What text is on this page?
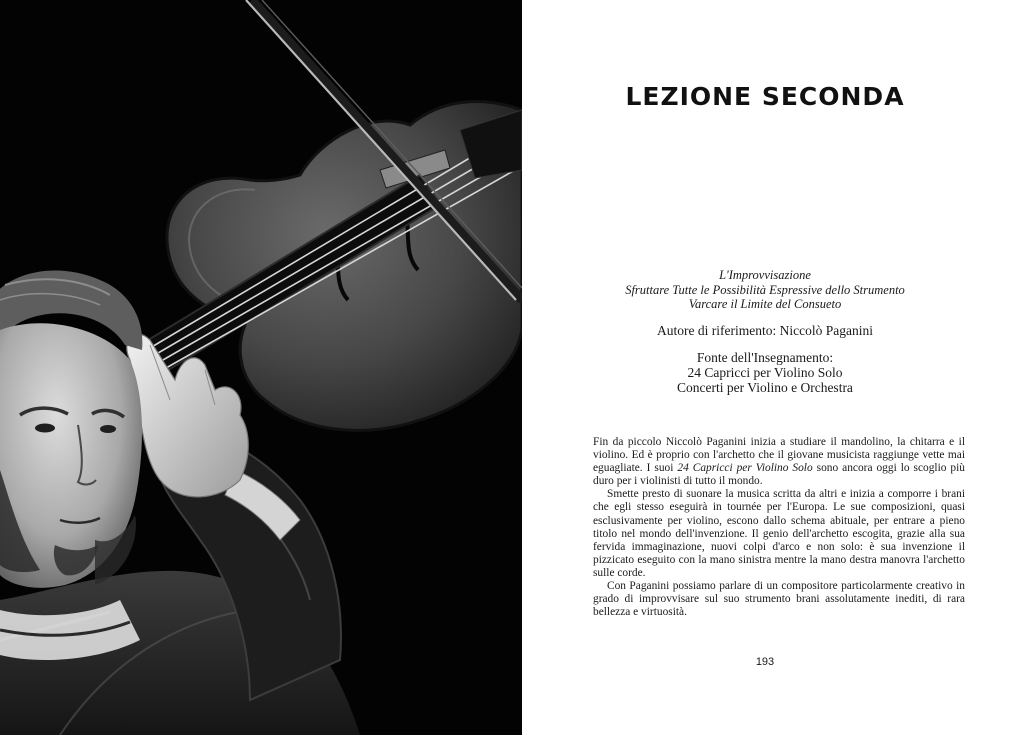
LEZIONE SECONDA
L'Improvvisazione
Sfruttare Tutte le Possibilità Espressive dello Strumento
Varcare il Limite del Consueto
Autore di riferimento: Niccolò Paganini
Fonte dell'Insegnamento:
24 Capricci per Violino Solo
Concerti per Violino e Orchestra

Fin da piccolo Niccolò Paganini inizia a studiare il mandolino, la chitarra e il violino. Ed è proprio con l'archetto che il giovane musicista raggiunge vette mai eguagliate. I suoi 24 Capricci per Violino Solo sono ancora oggi lo scoglio più duro per i violinisti di tutto il mondo.

Smette presto di suonare la musica scritta da altri e inizia a comporre i brani che egli stesso eseguirà in tournée per l'Europa. Le sue composizioni, quasi esclusivamente per violino, escono dallo schema abituale, per entrare a pieno titolo nel mondo dell'invenzione. Il genio dell'archetto escogita, grazie alla sua fervida immaginazione, nuovi colpi d'arco e non solo: è sua invenzione il pizzicato eseguito con la mano sinistra mentre la mano destra manovra l'archetto sulle corde.

Con Paganini possiamo parlare di un compositore particolarmente creativo in grado di improvvisare sul suo strumento brani assolutamente inediti, di rara bellezza e virtuosità.

193
